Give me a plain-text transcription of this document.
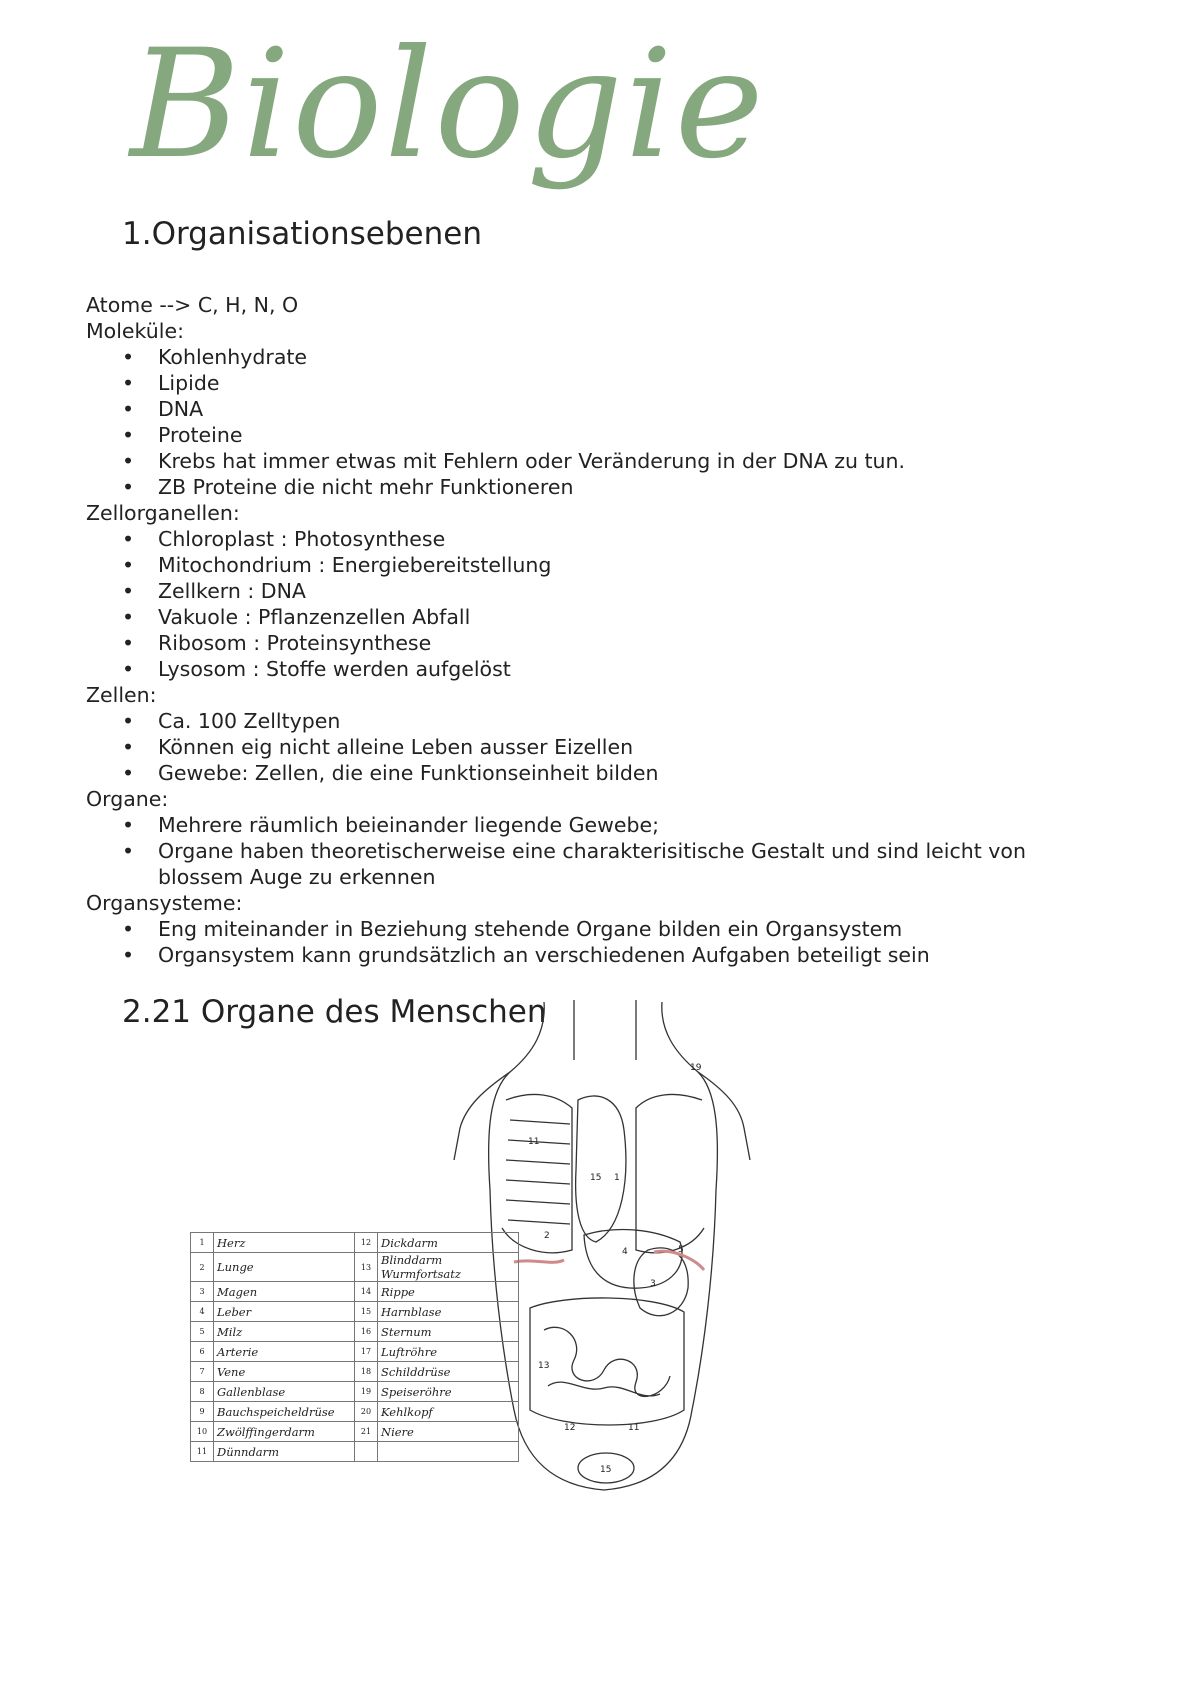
Biologie
1.Organisationsebenen

Atome --> C, H, N, O

Moleküle:

• Kohlenhydrate
• Lipide
• DNA
• Proteine
• Krebs hat immer etwas mit Fehlern oder Veränderung in der DNA zu tun.
• ZB Proteine die nicht mehr Funktioneren

Zellorganellen:

• Chloroplast : Photosynthese
• Mitochondrium : Energiebereitstellung
• Zellkern : DNA
• Vakuole : Pflanzenzellen Abfall
• Ribosom : Proteinsynthese
• Lysosom : Stoffe werden aufgelöst

Zellen:

• Ca. 100 Zelltypen
• Können eig nicht alleine Leben ausser Eizellen
• Gewebe: Zellen, die eine Funktionseinheit bilden

Organe:

• Mehrere räumlich beieinander liegende Gewebe;
• Organe haben theoretischerweise eine charakterisitische Gestalt und sind leicht von blossem Auge zu erkennen

Organsysteme:

• Eng miteinander in Beziehung stehende Organe bilden ein Organsystem
• Organsystem kann grundsätzlich an verschiedenen Aufgaben beteiligt sein
2.21 Organe des Menschen
19
11
15 1
4
2
3
5
13
12	11
15
1	Herz	12	Dickdarm
2	Lunge	13	Blinddarm Wurmfortsatz
3	Magen	14	Rippe
4	Leber	15	Harnblase
5	Milz	16	Sternum
6	Arterie	17	Luftröhre
7	Vene	18	Schilddrüse
8	Gallenblase	19	Speiseröhre
9	Bauchspeicheldrüse	20	Kehlkopf
10	Zwölffingerdarm	21	Niere
11	Dünndarm		
